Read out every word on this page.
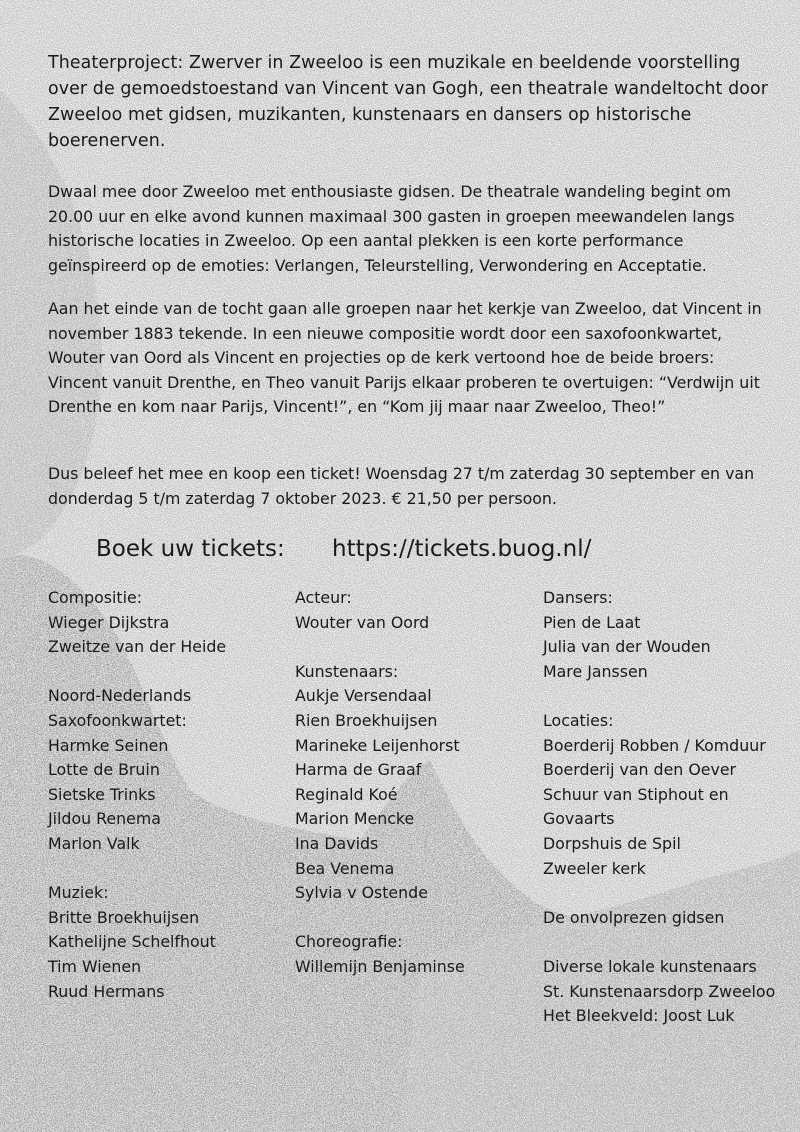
Theaterproject: Zwerver in Zweeloo is een muzikale en beeldende voorstelling over de gemoedstoestand van Vincent van Gogh, een theatrale wandeltocht door Zweeloo met gidsen, muzikanten, kunstenaars en dansers op historische boerenerven.

Dwaal mee door Zweeloo met enthousiaste gidsen. De theatrale wandeling begint om 20.00 uur en elke avond kunnen maximaal 300 gasten in groepen meewandelen langs historische locaties in Zweeloo. Op een aantal plekken is een korte performance geïnspireerd op de emoties: Verlangen, Teleurstelling, Verwondering en Acceptatie.

Aan het einde van de tocht gaan alle groepen naar het kerkje van Zweeloo, dat Vincent in november 1883 tekende. In een nieuwe compositie wordt door een saxofoonkwartet, Wouter van Oord als Vincent en projecties op de kerk vertoond hoe de beide broers: Vincent vanuit Drenthe, en Theo vanuit Parijs elkaar proberen te overtuigen: “Verdwijn uit Drenthe en kom naar Parijs, Vincent!”, en “Kom jij maar naar Zweeloo, Theo!”

Dus beleef het mee en koop een ticket! Woensdag 27 t/m zaterdag 30 september en van donderdag 5 t/m zaterdag 7 oktober 2023. € 21,50 per persoon.

Boek uw tickets: https://tickets.buog.nl/
Compositie:
Wieger Dijkstra
Zweitze van der Heide
Noord-Nederlands
Saxofoonkwartet:
Harmke Seinen
Lotte de Bruin
Sietske Trinks
Jildou Renema
Marlon Valk
Muziek:
Britte Broekhuijsen
Kathelijne Schelfhout
Tim Wienen
Ruud Hermans
Acteur:
Wouter van Oord
Kunstenaars:
Aukje Versendaal
Rien Broekhuijsen
Marineke Leijenhorst
Harma de Graaf
Reginald Koé
Marion Mencke
Ina Davids
Bea Venema
Sylvia v Ostende
Choreografie:
Willemijn Benjaminse
Dansers:
Pien de Laat
Julia van der Wouden
Mare Janssen
Locaties:
Boerderij Robben / Komduur
Boerderij van den Oever
Schuur van Stiphout en
Govaarts
Dorpshuis de Spil
Zweeler kerk
De onvolprezen gidsen
Diverse lokale kunstenaars
St. Kunstenaarsdorp Zweeloo
Het Bleekveld: Joost Luk
